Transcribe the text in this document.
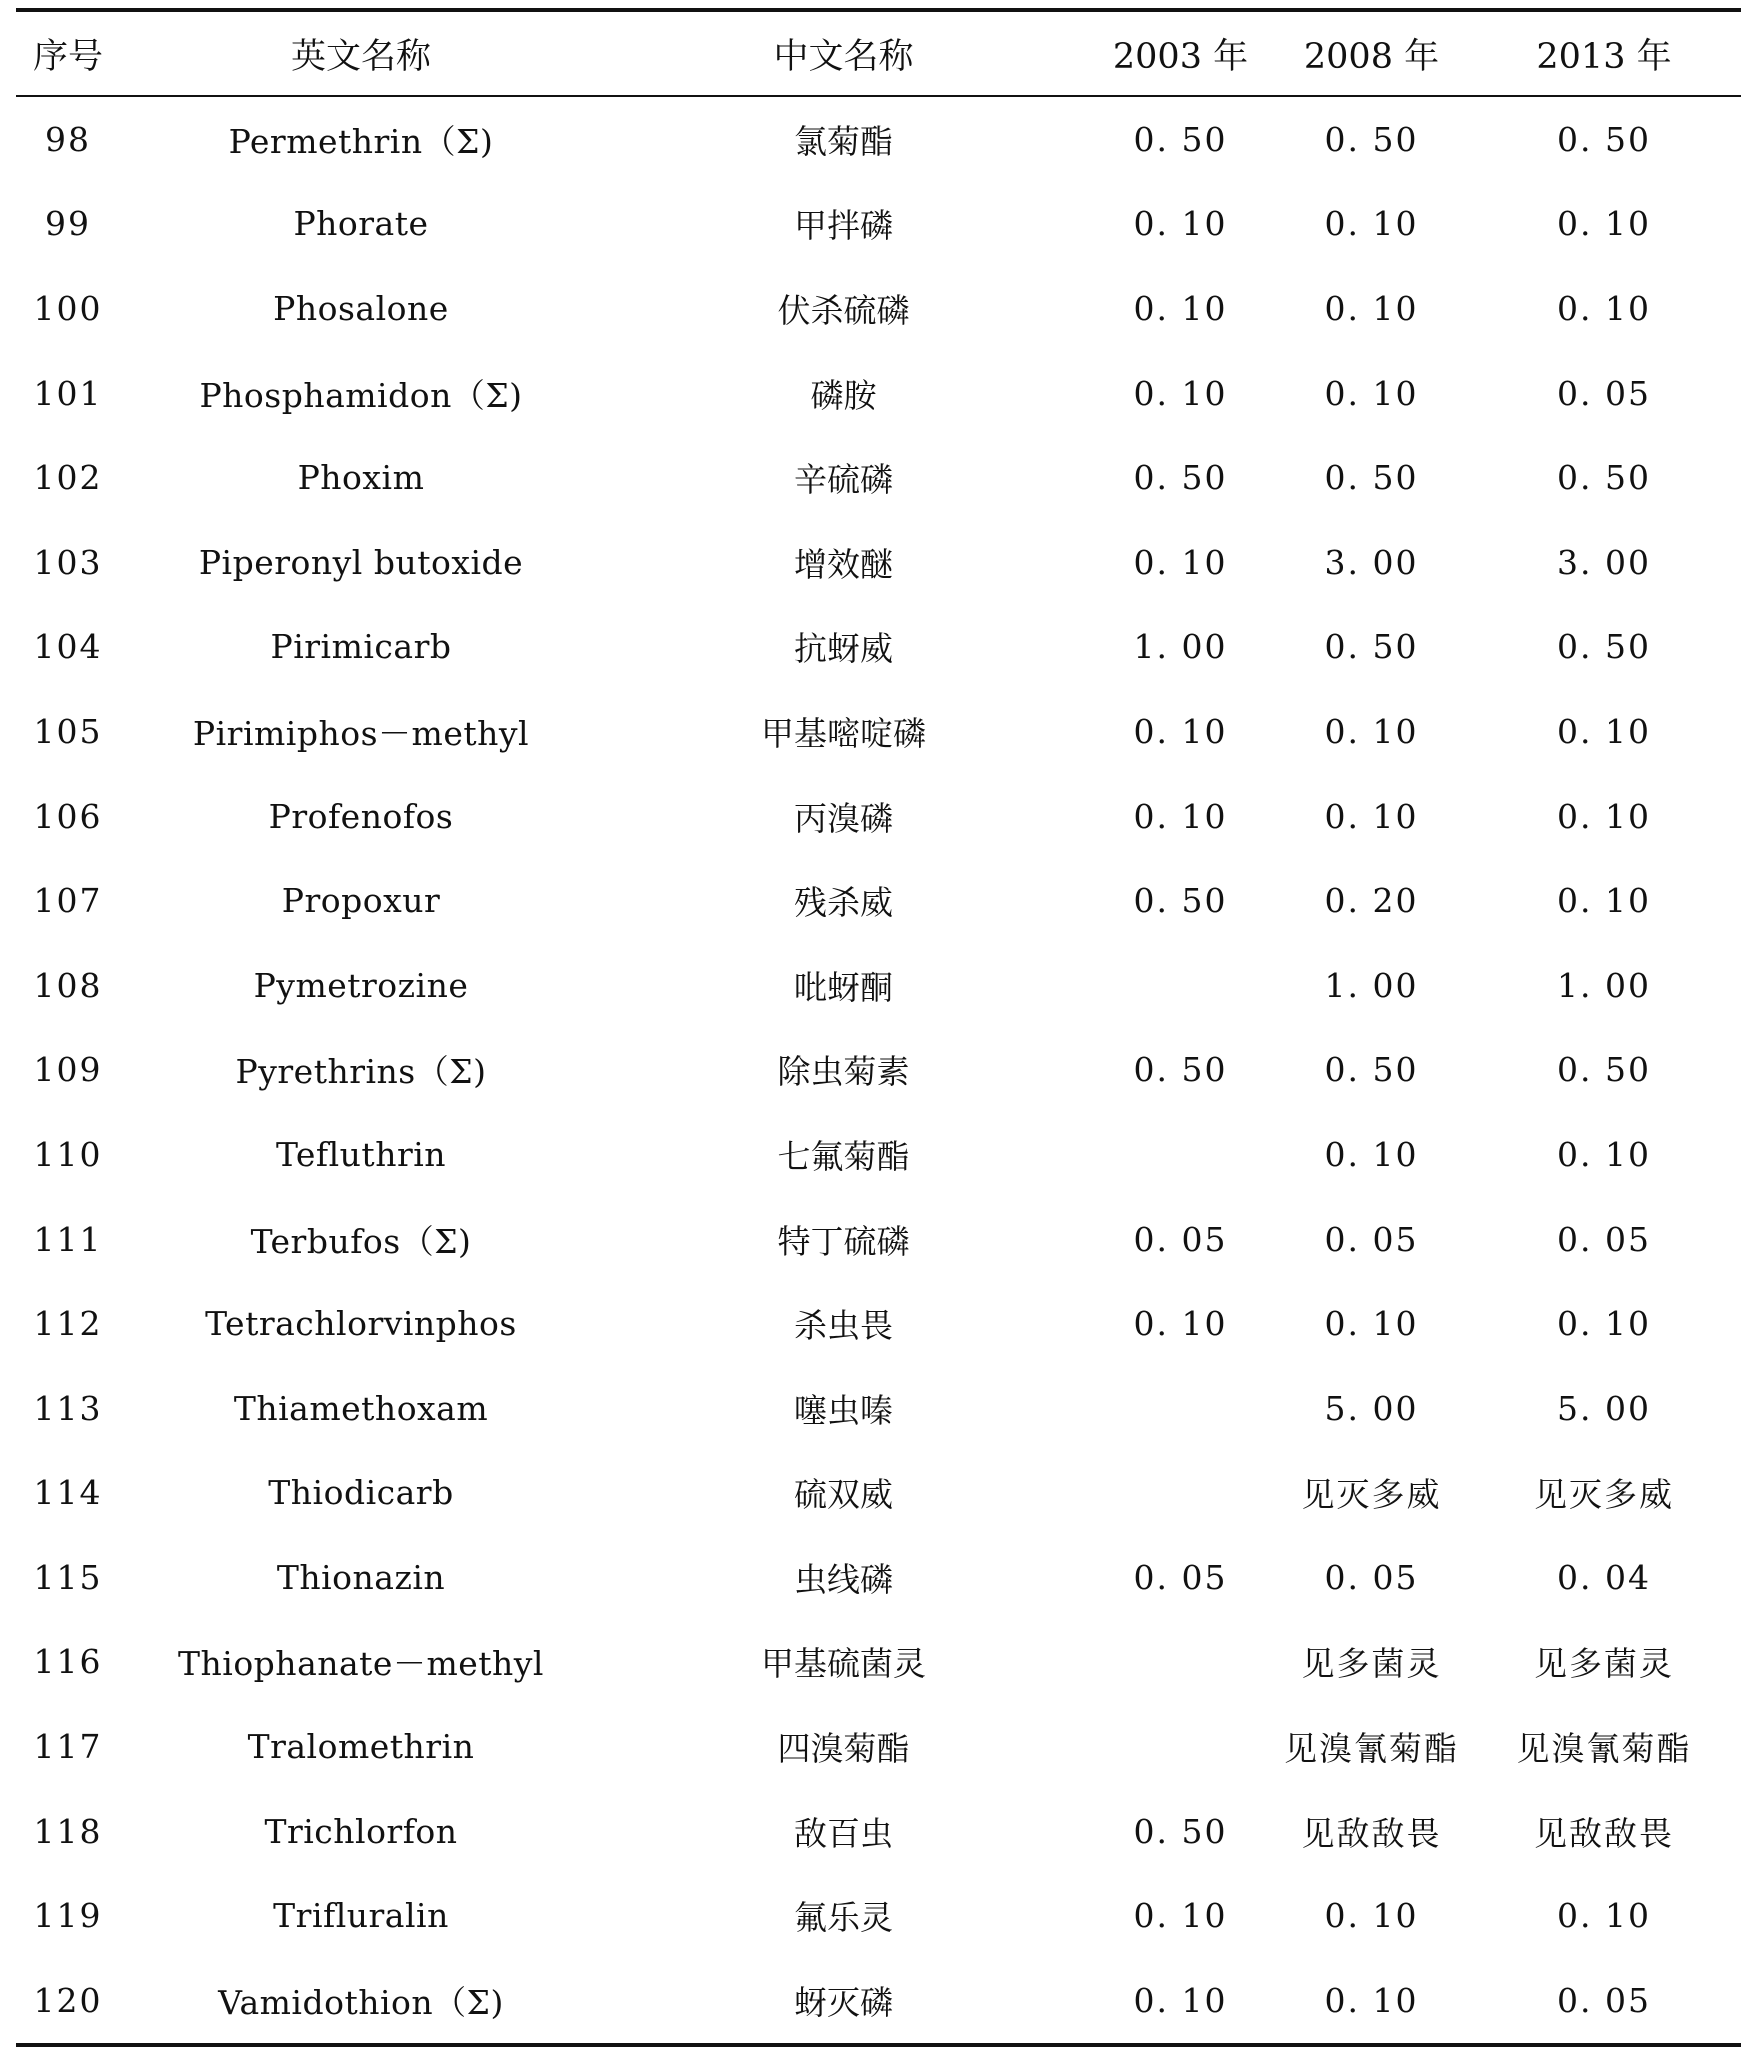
序号	英文名称	中文名称	2003 年	2008 年	2013 年
98	Permethrin（Σ)	氯菊酯	0. 50	0. 50	0. 50
99	Phorate	甲拌磷	0. 10	0. 10	0. 10
100	Phosalone	伏杀硫磷	0. 10	0. 10	0. 10
101	Phosphamidon（Σ)	磷胺	0. 10	0. 10	0. 05
102	Phoxim	辛硫磷	0. 50	0. 50	0. 50
103	Piperonyl butoxide	增效醚	0. 10	3. 00	3. 00
104	Pirimicarb	抗蚜威	1. 00	0. 50	0. 50
105	Pirimiphos－methyl	甲基嘧啶磷	0. 10	0. 10	0. 10
106	Profenofos	丙溴磷	0. 10	0. 10	0. 10
107	Propoxur	残杀威	0. 50	0. 20	0. 10
108	Pymetrozine	吡蚜酮		1. 00	1. 00
109	Pyrethrins（Σ)	除虫菊素	0. 50	0. 50	0. 50
110	Tefluthrin	七氟菊酯		0. 10	0. 10
111	Terbufos（Σ)	特丁硫磷	0. 05	0. 05	0. 05
112	Tetrachlorvinphos	杀虫畏	0. 10	0. 10	0. 10
113	Thiamethoxam	噻虫嗪		5. 00	5. 00
114	Thiodicarb	硫双威		见灭多威	见灭多威
115	Thionazin	虫线磷	0. 05	0. 05	0. 04
116	Thiophanate－methyl	甲基硫菌灵		见多菌灵	见多菌灵
117	Tralomethrin	四溴菊酯		见溴氰菊酯	见溴氰菊酯
118	Trichlorfon	敌百虫	0. 50	见敌敌畏	见敌敌畏
119	Trifluralin	氟乐灵	0. 10	0. 10	0. 10
120	Vamidothion（Σ)	蚜灭磷	0. 10	0. 10	0. 05
